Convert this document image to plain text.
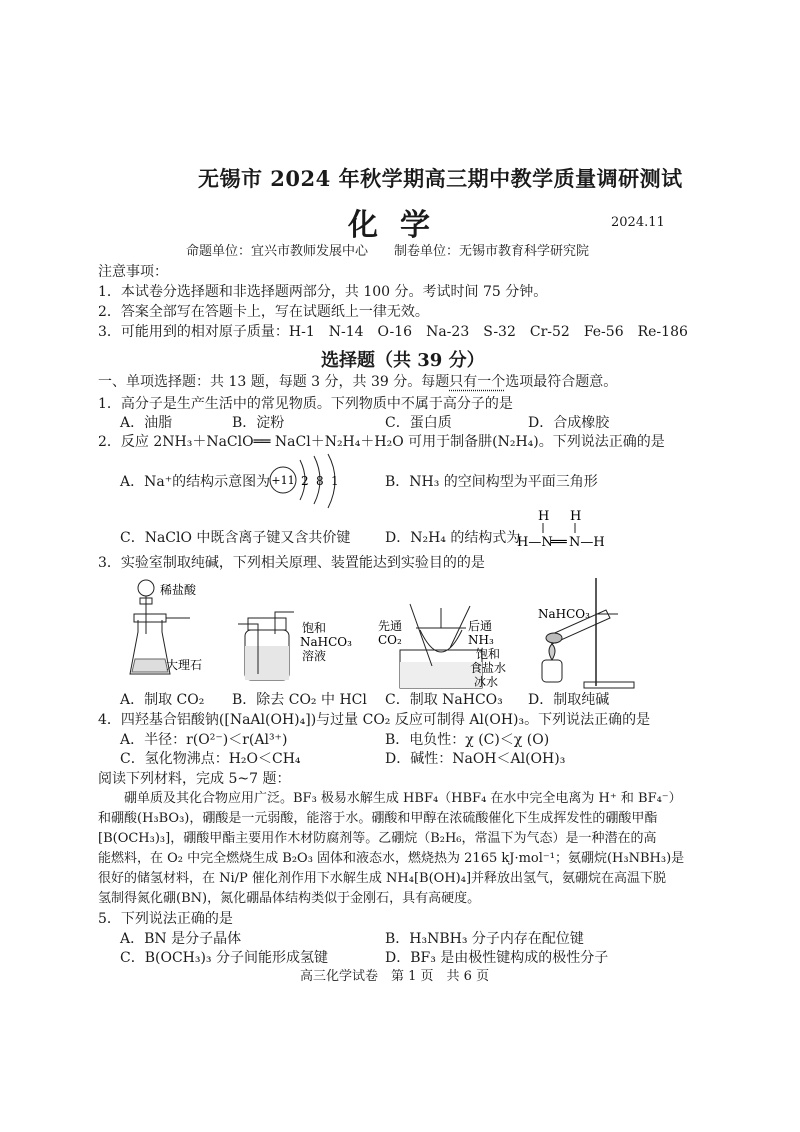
无锡市 2024 年秋学期高三期中教学质量调研测试
化学	2024.11
命题单位：宜兴市教师发展中心　　制卷单位：无锡市教育科学研究院
注意事项：
1．本试卷分选择题和非选择题两部分，共 100 分。考试时间 75 分钟。
2．答案全部写在答题卡上，写在试题纸上一律无效。
3．可能用到的相对原子质量：H-1　N-14　O-16　Na-23　S-32　Cr-52　Fe-56　Re-186
选择题（共 39 分）
一、单项选择题：共 13 题，每题 3 分，共 39 分。每题只有一个选项最符合题意。
1．高分子是生产生活中的常见物质。下列物质中不属于高分子的是
A．油脂	B．淀粉	C．蛋白质	D．合成橡胶
2．反应 2NH₃＋NaClO══ NaCl＋N₂H₄＋H₂O 可用于制备肼(N₂H₄)。下列说法正确的是
A．Na⁺的结构示意图为 +11 2 8 1	B．NH₃ 的空间构型为平面三角形
C．NaClO 中既含离子键又含共价键 D．N₂H₄ 的结构式为
H H
H—N
══ N—H
3．实验室制取纯碱，下列相关原理、装置能达到实验目的的是
稀盐酸
大理石
饱和
NaHCO₃
溶液
先通
CO₂
后通
NH₃
饱和
食盐水
冰水
NaHCO₃
A．制取 CO₂ B．除去 CO₂ 中 HCl C．制取 NaHCO₃ D．制取纯碱
4．四羟基合铝酸钠([NaAl(OH)₄])与过量 CO₂ 反应可制得 Al(OH)₃。下列说法正确的是
A．半径：r(O²⁻)＜r(Al³⁺)	B．电负性：χ (C)＜χ (O)
C．氢化物沸点：H₂O＜CH₄	D．碱性：NaOH＜Al(OH)₃
阅读下列材料，完成 5~7 题：
　　硼单质及其化合物应用广泛。BF₃ 极易水解生成 HBF₄（HBF₄ 在水中完全电离为 H⁺ 和 BF₄⁻）
和硼酸(H₃BO₃)，硼酸是一元弱酸，能溶于水。硼酸和甲醇在浓硫酸催化下生成挥发性的硼酸甲酯
[B(OCH₃)₃]，硼酸甲酯主要用作木材防腐剂等。乙硼烷（B₂H₆，常温下为气态）是一种潜在的高
能燃料，在 O₂ 中完全燃烧生成 B₂O₃ 固体和液态水，燃烧热为 2165 kJ·mol⁻¹；氨硼烷(H₃NBH₃)是
很好的储氢材料，在 Ni/P 催化剂作用下水解生成 NH₄[B(OH)₄]并释放出氢气，氨硼烷在高温下脱
氢制得氮化硼(BN)，氮化硼晶体结构类似于金刚石，具有高硬度。
5．下列说法正确的是
A．BN 是分子晶体	B．H₃NBH₃ 分子内存在配位键
C．B(OCH₃)₃ 分子间能形成氢键	D．BF₃ 是由极性键构成的极性分子
高三化学试卷　第 1 页　共 6 页
